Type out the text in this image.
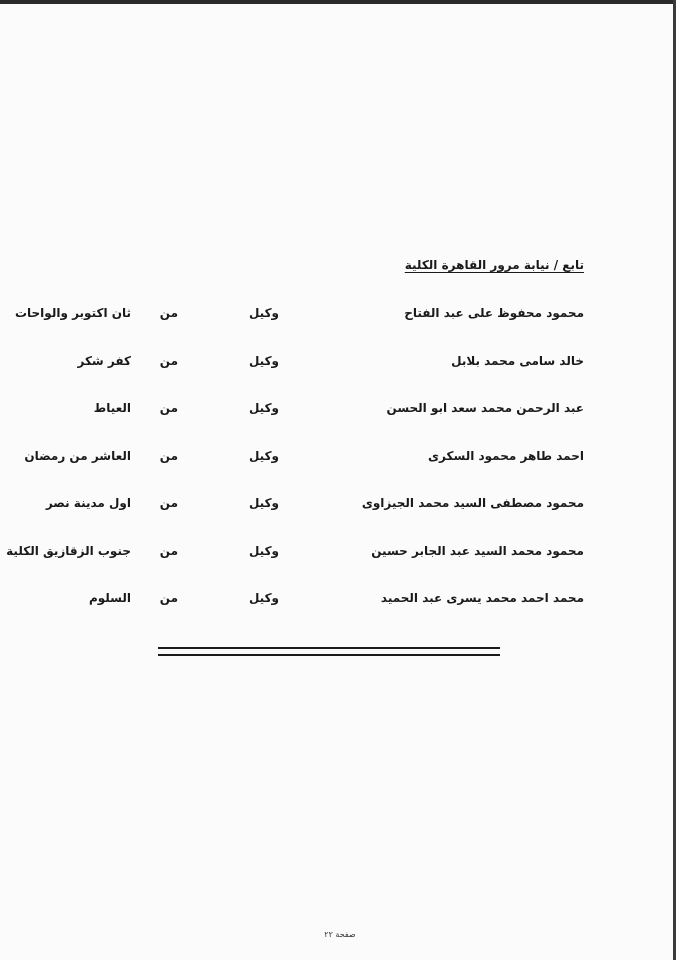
تابع / نيابة مرور القاهرة الكلية
محمود محفوظ على عبد الفتاح
وكيل
من
ثان اكتوبر والواحات
خالد سامى محمد بلابل
وكيل
من
كفر شكر
عبد الرحمن محمد سعد ابو الحسن
وكيل
من
العياط
احمد طاهر محمود السكرى
وكيل
من
العاشر من رمضان
محمود مصطفى السيد محمد الجيزاوى
وكيل
من
اول مدينة نصر
محمود محمد السيد عبد الجابر حسين
وكيل
من
جنوب الزقازيق الكلية
محمد احمد محمد يسرى عبد الحميد
وكيل
من
السلوم
صفحة ٢٢
